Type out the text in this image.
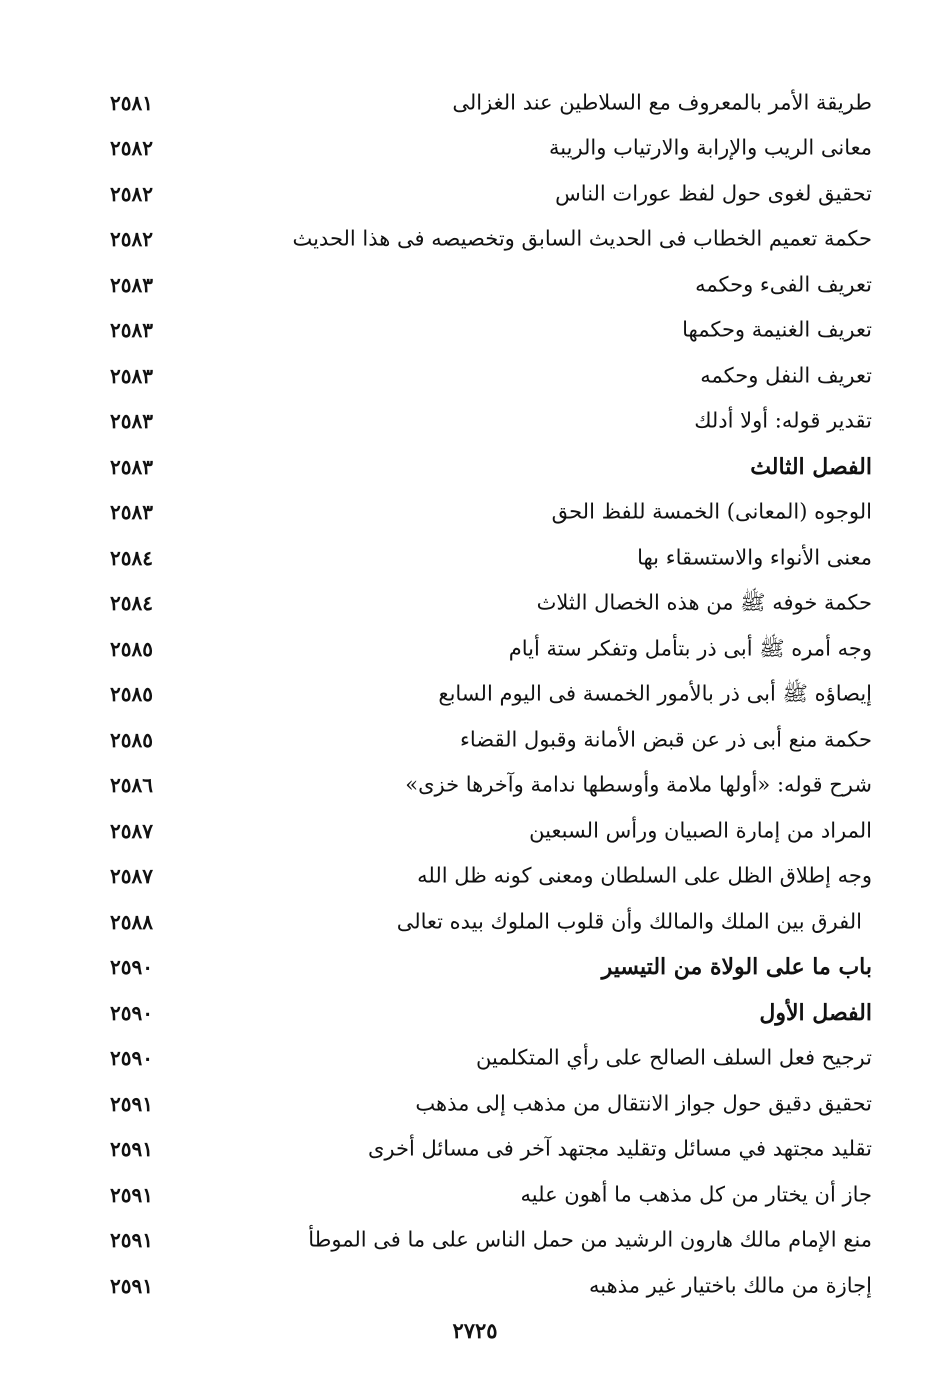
طريقة الأمر بالمعروف مع السلاطين عند الغزالى
٢٥٨١
معانى الريب والإرابة والارتياب والريبة
٢٥٨٢
تحقيق لغوى حول لفظ عورات الناس
٢٥٨٢
حكمة تعميم الخطاب فى الحديث السابق وتخصيصه فى هذا الحديث
٢٥٨٢
تعريف الفىء وحكمه
٢٥٨٣
تعريف الغنيمة وحكمها
٢٥٨٣
تعريف النفل وحكمه
٢٥٨٣
تقدير قوله: أولا أدلك
٢٥٨٣
الفصل الثالث
٢٥٨٣
الوجوه (المعانى) الخمسة للفظ الحق
٢٥٨٣
معنى الأنواء والاستسقاء بها
٢٥٨٤
حكمة خوفه ﷺ من هذه الخصال الثلاث
٢٥٨٤
وجه أمره ﷺ أبى ذر بتأمل وتفكر ستة أيام
٢٥٨٥
إيصاؤه ﷺ أبى ذر بالأمور الخمسة فى اليوم السابع
٢٥٨٥
حكمة منع أبى ذر عن قبض الأمانة وقبول القضاء
٢٥٨٥
شرح قوله: «أولها ملامة وأوسطها ندامة وآخرها خزى»
٢٥٨٦
المراد من إمارة الصبيان ورأس السبعين
٢٥٨٧
وجه إطلاق الظل على السلطان ومعنى كونه ظل الله
٢٥٨٧
الفرق بين الملك والمالك وأن قلوب الملوك بيده تعالى
٢٥٨٨
باب ما على الولاة من التيسير
٢٥٩٠
الفصل الأول
٢٥٩٠
ترجيح فعل السلف الصالح على رأي المتكلمين
٢٥٩٠
تحقيق دقيق حول جواز الانتقال من مذهب إلى مذهب
٢٥٩١
تقليد مجتهد في مسائل وتقليد مجتهد آخر فى مسائل أخرى
٢٥٩١
جاز أن يختار من كل مذهب ما أهون عليه
٢٥٩١
منع الإمام مالك هارون الرشيد من حمل الناس على ما فى الموطأ
٢٥٩١
إجازة من مالك باختيار غير مذهبه
٢٥٩١
٢٧٢٥
